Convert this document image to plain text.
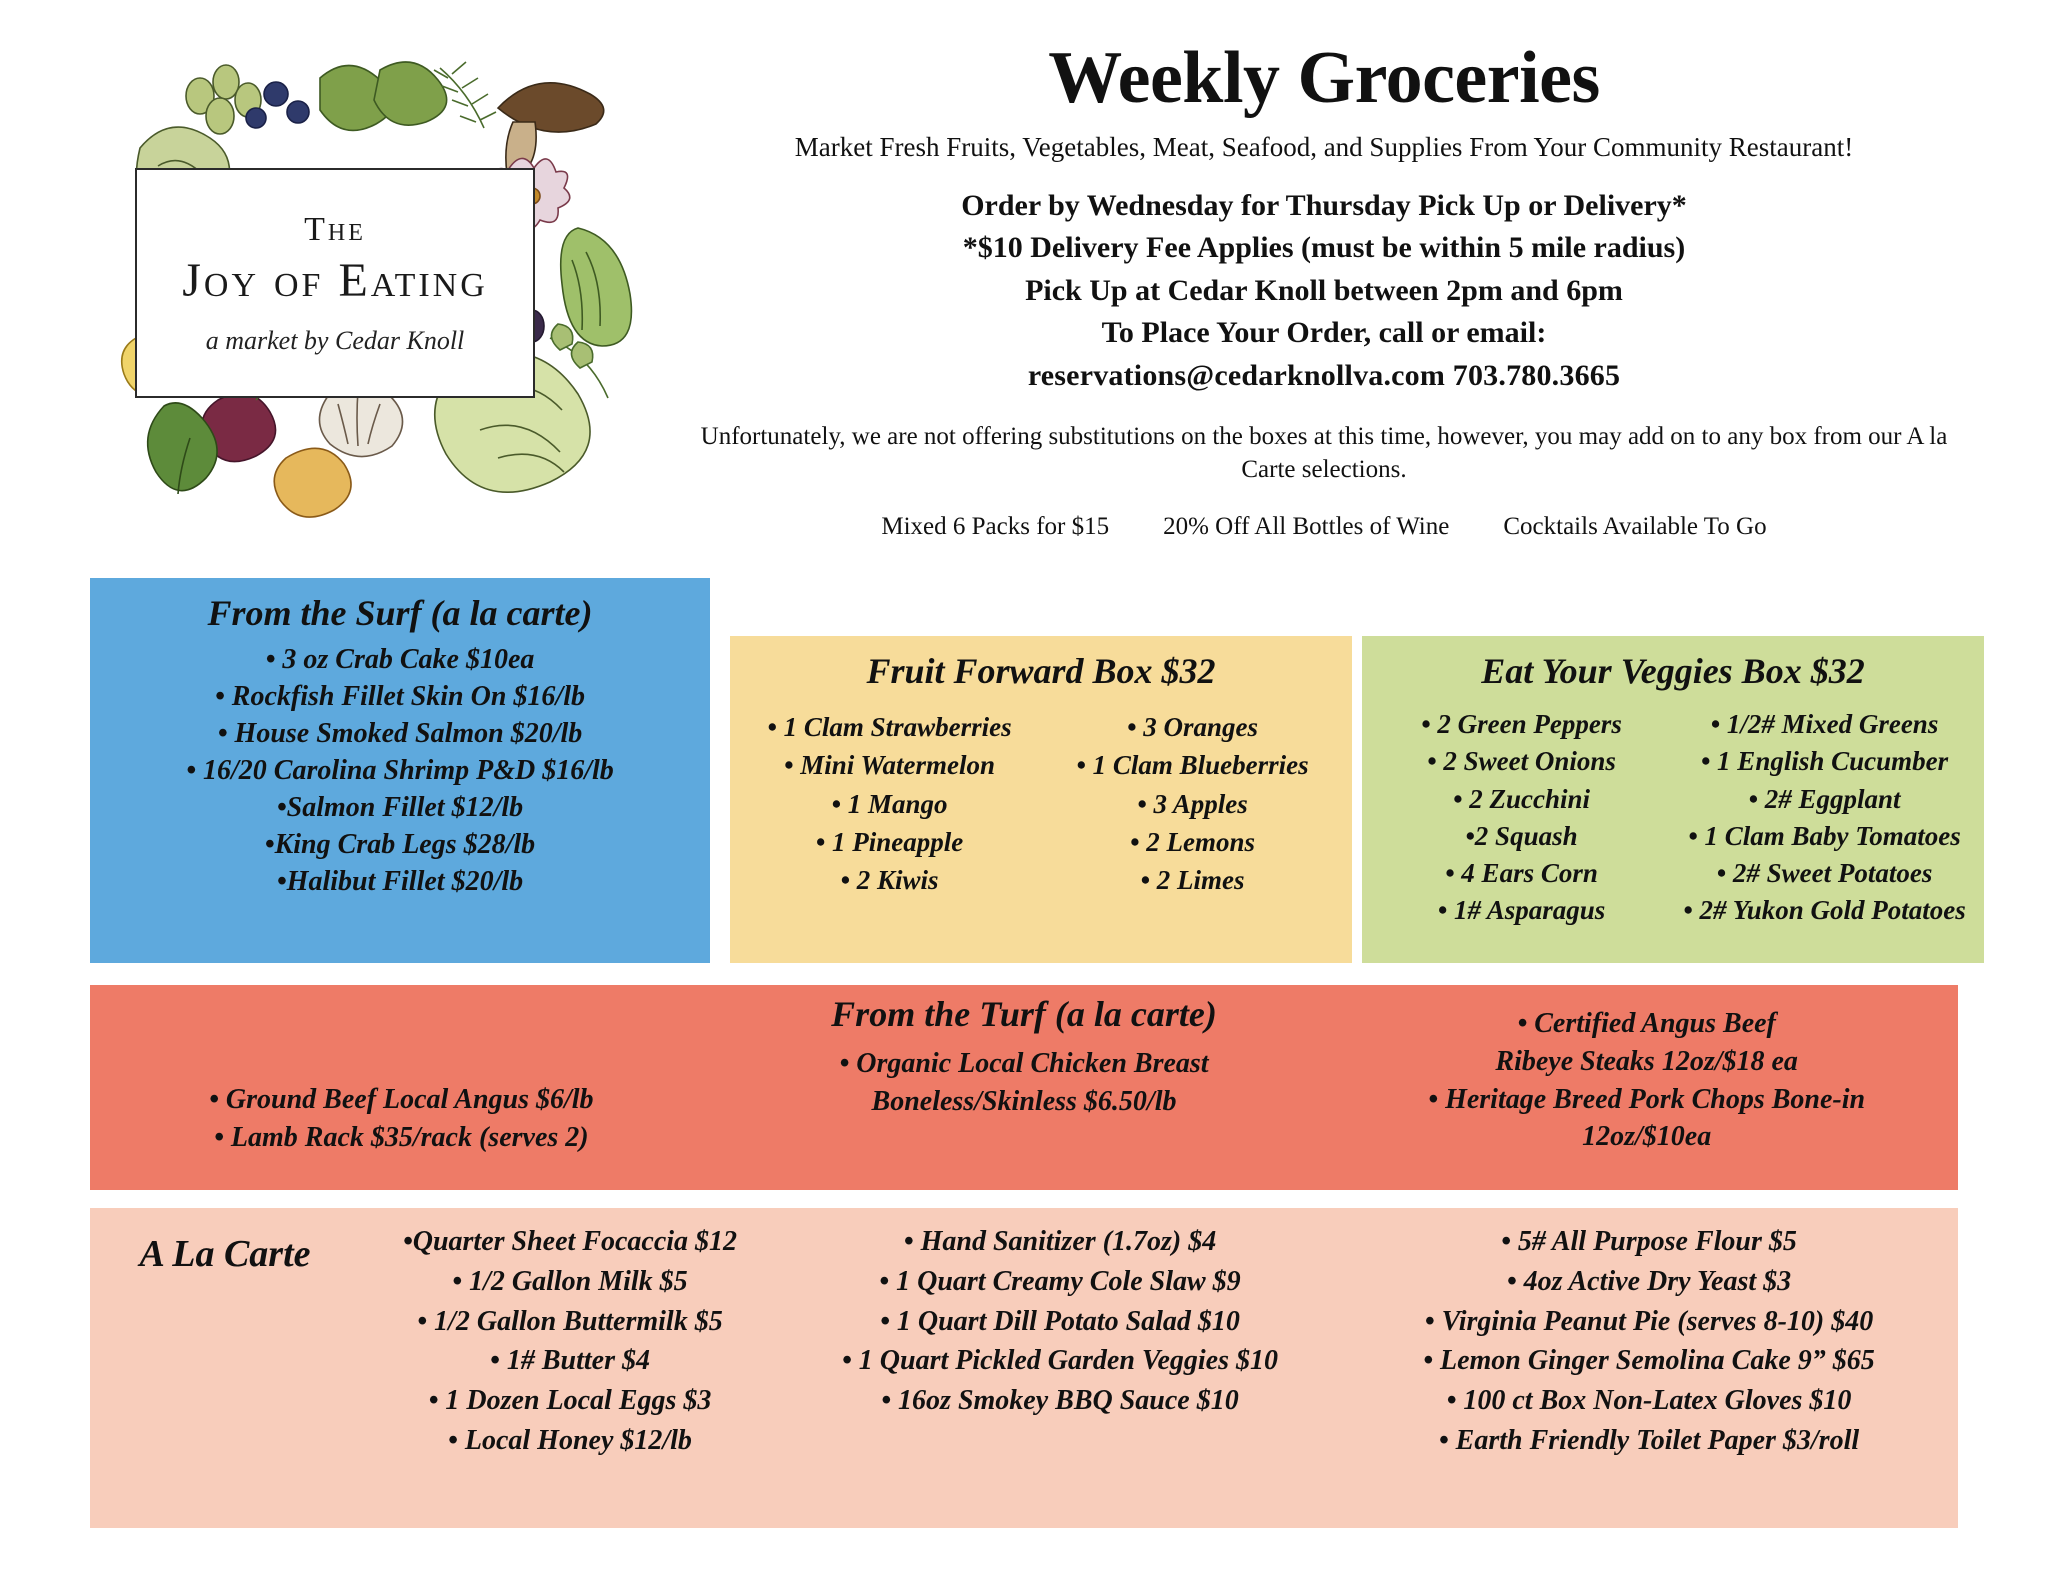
The
Joy of Eating
a market by Cedar Knoll
Weekly Groceries
Market Fresh Fruits, Vegetables, Meat, Seafood, and Supplies From Your Community Restaurant!
Order by Wednesday for Thursday Pick Up or Delivery*
*$10 Delivery Fee Applies (must be within 5 mile radius)
Pick Up at Cedar Knoll between 2pm and 6pm
To Place Your Order, call or email:
reservations@cedarknollva.com 703.780.3665
Unfortunately, we are not offering substitutions on the boxes at this time, however, you may add on to any box from our A la Carte selections.
Mixed 6 Packs for $15 20% Off All Bottles of Wine Cocktails Available To Go
From the Surf (a la carte)
• 3 oz Crab Cake $10ea
• Rockfish Fillet Skin On $16/lb
• House Smoked Salmon $20/lb
• 16/20 Carolina Shrimp P&D $16/lb
•Salmon Fillet $12/lb
•King Crab Legs $28/lb
•Halibut Fillet $20/lb
Fruit Forward Box $32
• 1 Clam Strawberries
• Mini Watermelon
• 1 Mango
• 1 Pineapple
• 2 Kiwis
• 3 Oranges
• 1 Clam Blueberries
• 3 Apples
• 2 Lemons
• 2 Limes
Eat Your Veggies Box $32
• 2 Green Peppers
• 2 Sweet Onions
• 2 Zucchini
•2 Squash
• 4 Ears Corn
• 1# Asparagus
• 1/2# Mixed Greens
• 1 English Cucumber
• 2# Eggplant
• 1 Clam Baby Tomatoes
• 2# Sweet Potatoes
• 2# Yukon Gold Potatoes
From the Turf (a la carte)
• Ground Beef Local Angus $6/lb
• Lamb Rack $35/rack (serves 2)
• Organic Local Chicken Breast
Boneless/Skinless $6.50/lb
• Certified Angus Beef
Ribeye Steaks 12oz/$18 ea
• Heritage Breed Pork Chops Bone-in
12oz/$10ea
A La Carte	•Quarter Sheet Focaccia $12
• 1/2 Gallon Milk $5
• 1/2 Gallon Buttermilk $5
• 1# Butter $4
• 1 Dozen Local Eggs $3
• Local Honey $12/lb
• Hand Sanitizer (1.7oz) $4
• 1 Quart Creamy Cole Slaw $9
• 1 Quart Dill Potato Salad $10
• 1 Quart Pickled Garden Veggies $10
• 16oz Smokey BBQ Sauce $10
• 5# All Purpose Flour $5
• 4oz Active Dry Yeast $3
• Virginia Peanut Pie (serves 8-10) $40
• Lemon Ginger Semolina Cake 9” $65
• 100 ct Box Non-Latex Gloves $10
• Earth Friendly Toilet Paper $3/roll
